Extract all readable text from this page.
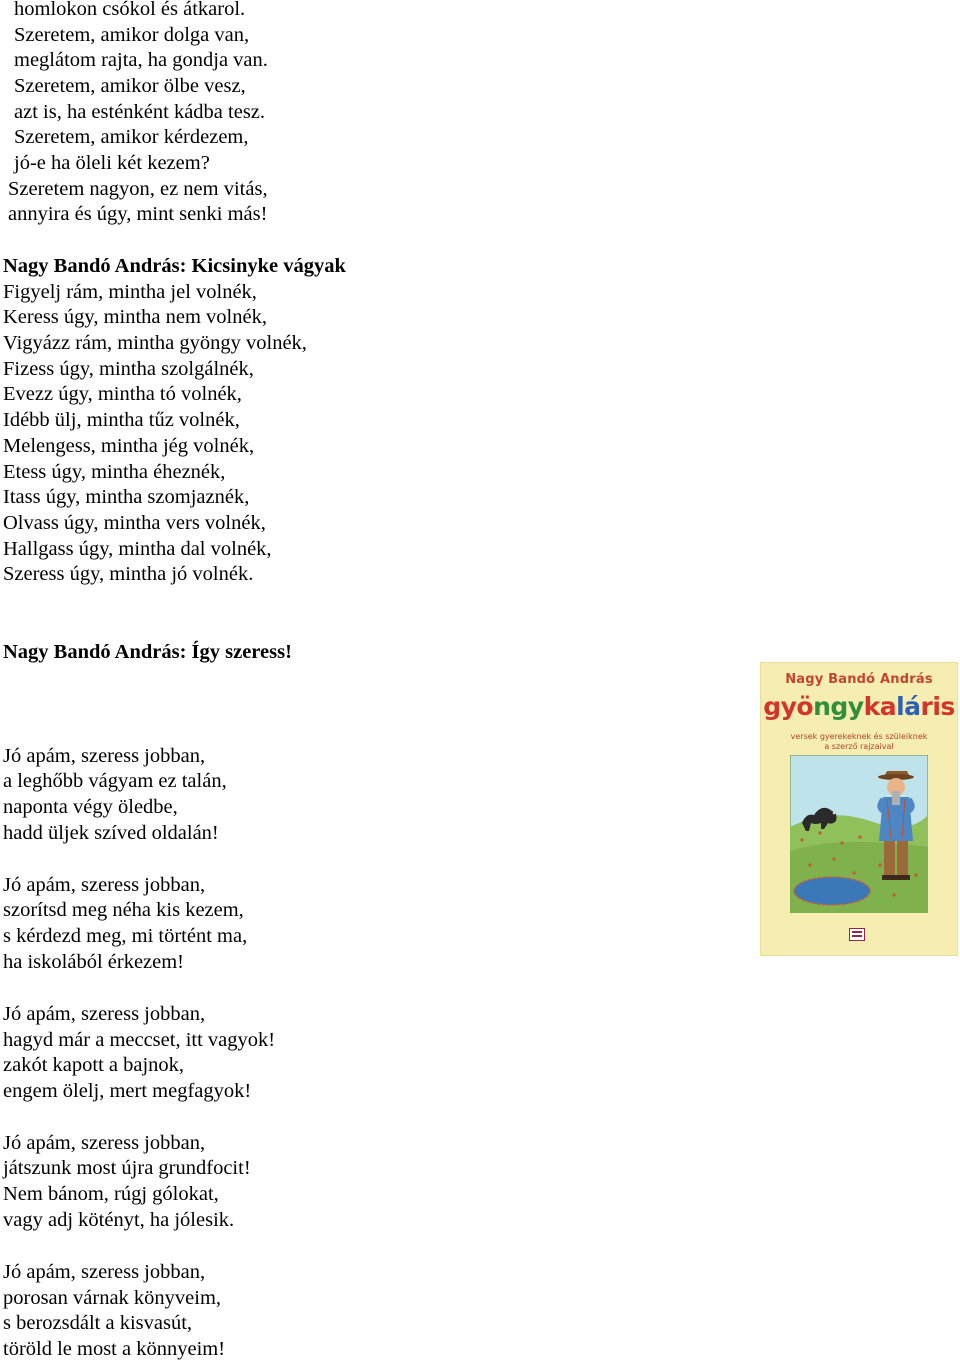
homlokon csókol és átkarol.
Szeretem, amikor dolga van,
meglátom rajta, ha gondja van.
Szeretem, amikor ölbe vesz,
azt is, ha esténként kádba tesz.
Szeretem, amikor kérdezem,
jó-e ha öleli két kezem?
Szeretem nagyon, ez nem vitás,
annyira és úgy, mint senki más!
Nagy Bandó András: Kicsinyke vágyak
Figyelj rám, mintha jel volnék,
Keress úgy, mintha nem volnék,
Vigyázz rám, mintha gyöngy volnék,
Fizess úgy, mintha szolgálnék,
Evezz úgy, mintha tó volnék,
Idébb ülj, mintha tűz volnék,
Melengess, mintha jég volnék,
Etess úgy, mintha éheznék,
Itass úgy, mintha szomjaznék,
Olvass úgy, mintha vers volnék,
Hallgass úgy, mintha dal volnék,
Szeress úgy, mintha jó volnék.
Nagy Bandó András: Így szeress!
Jó apám, szeress jobban,
a leghőbb vágyam ez talán,
naponta végy öledbe,
hadd üljek szíved oldalán!
Jó apám, szeress jobban,
szorítsd meg néha kis kezem,
s kérdezd meg, mi történt ma,
ha iskolából érkezem!
Jó apám, szeress jobban,
hagyd már a meccset, itt vagyok!
zakót kapott a bajnok,
engem ölelj, mert megfagyok!
Jó apám, szeress jobban,
játszunk most újra grundfocit!
Nem bánom, rúgj gólokat,
vagy adj kötényt, ha jólesik.
Jó apám, szeress jobban,
porosan várnak könyveim,
s berozsdált a kisvasút,
töröld le most a könnyeim!
Nagy Bandó András
gyöngykaláris
versek gyerekeknek és szüleiknek
a szerző rajzaival
